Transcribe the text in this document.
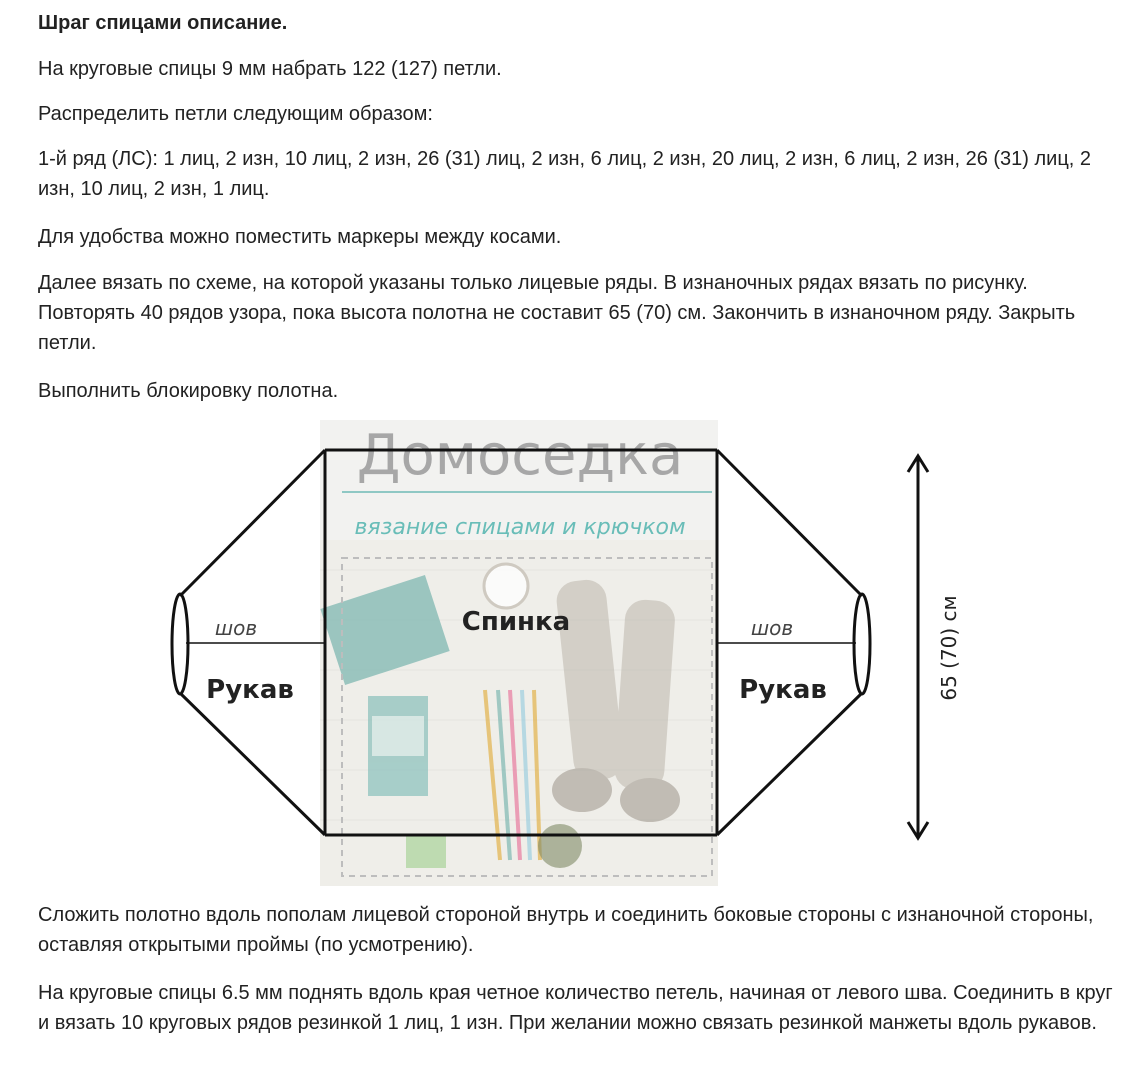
Шраг спицами описание.
На круговые спицы 9 мм набрать 122 (127) петли.
Распределить петли следующим образом:
1-й ряд (ЛС): 1 лиц, 2 изн, 10 лиц, 2 изн, 26 (31) лиц, 2 изн, 6 лиц, 2 изн, 20 лиц, 2 изн, 6 лиц, 2 изн, 26 (31) лиц, 2 изн, 10 лиц, 2 изн, 1 лиц.
Для удобства можно поместить маркеры между косами.
Далее вязать по схеме, на которой указаны только лицевые ряды. В изнаночных рядах вязать по рисунку. Повторять 40 рядов узора, пока высота полотна не составит 65 (70) см. Закончить в изнаночном ряду. Закрыть петли.
Выполнить блокировку полотна.
Домоседка
вязание спицами и крючком
Спинка
Рукав	Рукав
шов	шов	65 (70) см
Сложить полотно вдоль пополам лицевой стороной внутрь и соединить боковые стороны с изнаночной стороны, оставляя открытыми проймы (по усмотрению).
На круговые спицы 6.5 мм поднять вдоль края четное количество петель, начиная от левого шва. Соединить в круг и вязать 10 круговых рядов резинкой 1 лиц, 1 изн. При желании можно связать резинкой манжеты вдоль рукавов.
